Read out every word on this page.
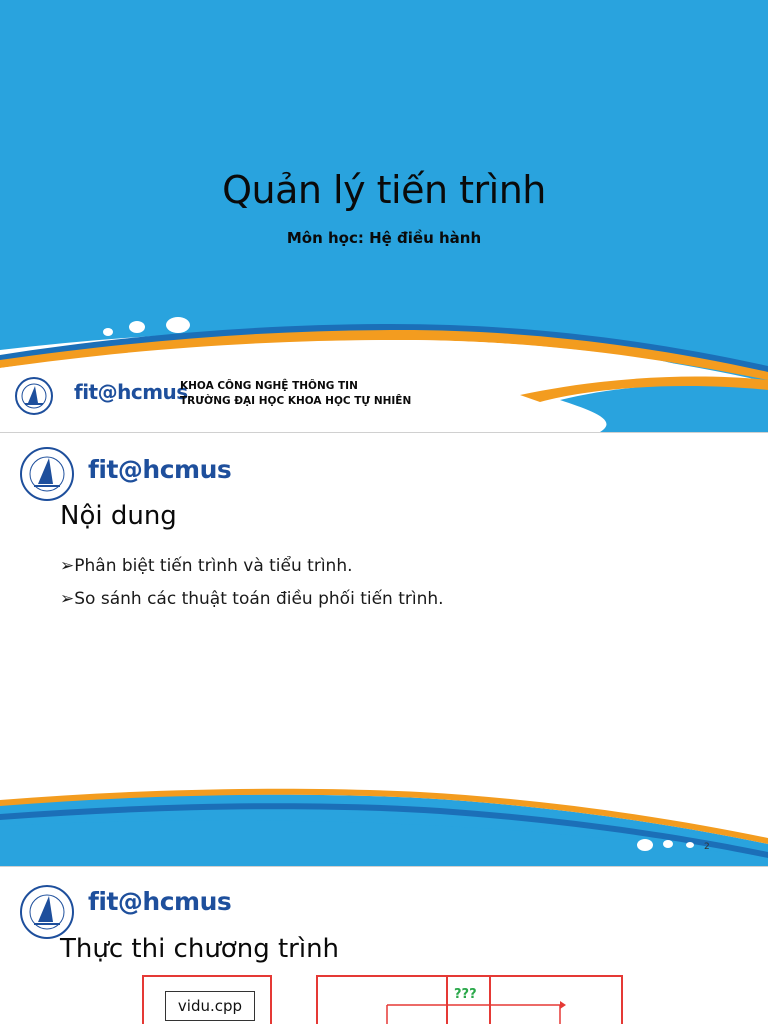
Quản lý tiến trình
Môn học: Hệ điều hành
fit@hcmus
KHOA CÔNG NGHỆ THÔNG TIN
TRƯỜNG ĐẠI HỌC KHOA HỌC TỰ NHIÊN
fit@hcmus
Nội dung
➢Phân biệt tiến trình và tiểu trình.
➢So sánh các thuật toán điều phối tiến trình.
2
fit@hcmus
Thực thi chương trình
vidu.cpp
???
